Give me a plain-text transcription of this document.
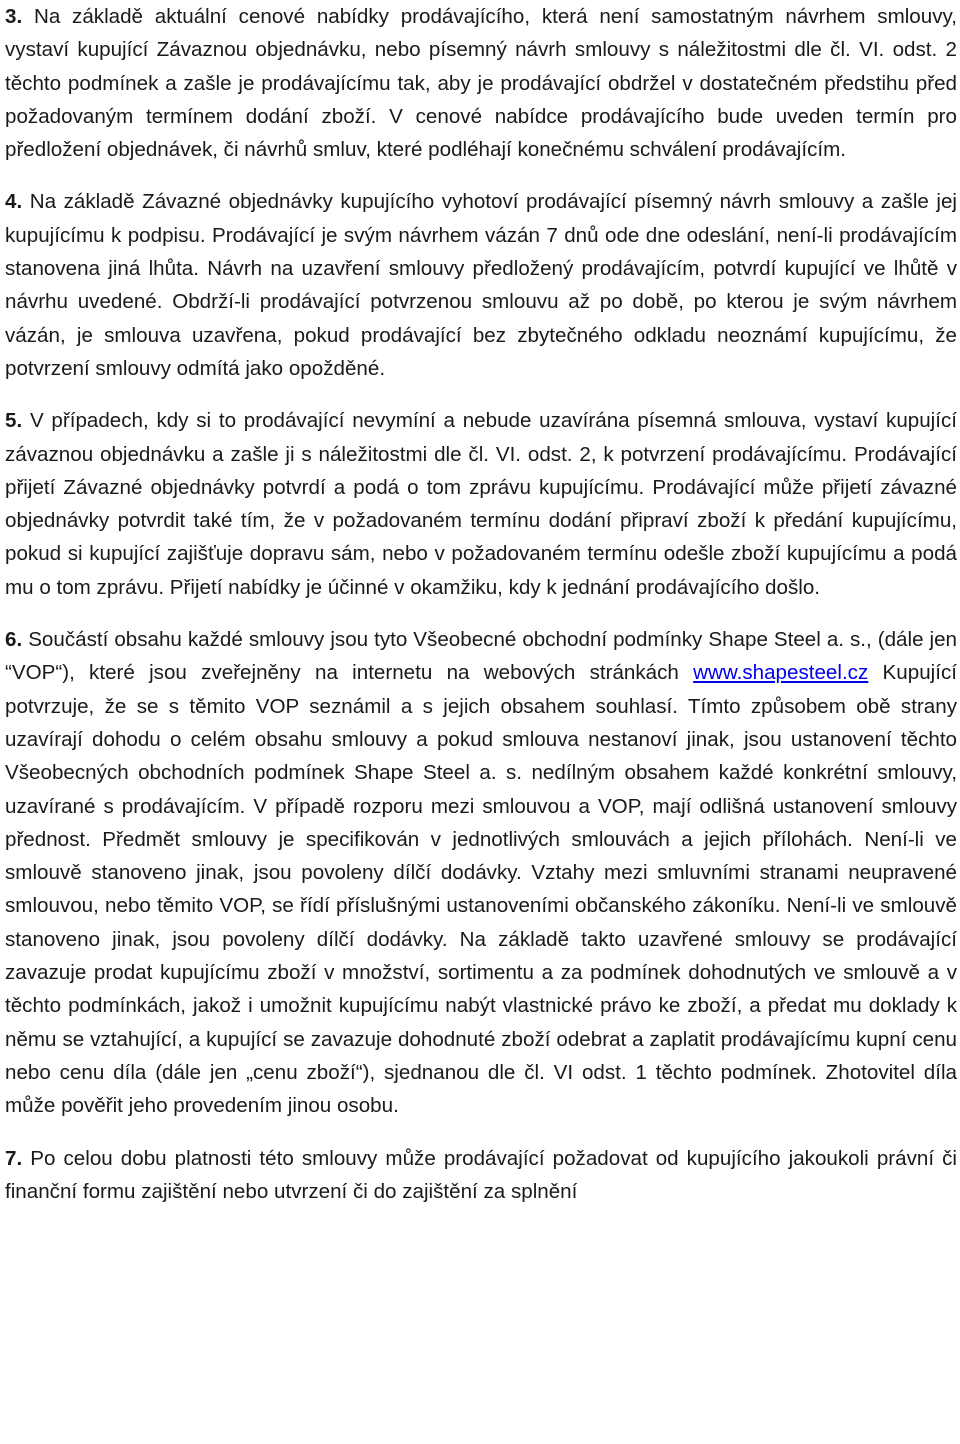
3. Na základě aktuální cenové nabídky prodávajícího, která není samostatným návrhem smlouvy, vystaví kupující Závaznou objednávku, nebo písemný návrh smlouvy s náležitostmi dle čl. VI. odst. 2 těchto podmínek a zašle je prodávajícímu tak, aby je prodávající obdržel v dostatečném předstihu před požadovaným termínem dodání zboží. V cenové nabídce prodávajícího bude uveden termín pro předložení objednávek, či návrhů smluv, které podléhají konečnému schválení prodávajícím.

4. Na základě Závazné objednávky kupujícího vyhotoví prodávající písemný návrh smlouvy a zašle jej kupujícímu k podpisu. Prodávající je svým návrhem vázán 7 dnů ode dne odeslání, není-li prodávajícím stanovena jiná lhůta. Návrh na uzavření smlouvy předložený prodávajícím, potvrdí kupující ve lhůtě v návrhu uvedené. Obdrží-li prodávající potvrzenou smlouvu až po době, po kterou je svým návrhem vázán, je smlouva uzavřena, pokud prodávající bez zbytečného odkladu neoznámí kupujícímu, že potvrzení smlouvy odmítá jako opožděné.

5. V případech, kdy si to prodávající nevymíní a nebude uzavírána písemná smlouva, vystaví kupující závaznou objednávku a zašle ji s náležitostmi dle čl. VI. odst. 2, k potvrzení prodávajícímu. Prodávající přijetí Závazné objednávky potvrdí a podá o tom zprávu kupujícímu. Prodávající může přijetí závazné objednávky potvrdit také tím, že v požadovaném termínu dodání připraví zboží k předání kupujícímu, pokud si kupující zajišťuje dopravu sám, nebo v požadovaném termínu odešle zboží kupujícímu a podá mu o tom zprávu. Přijetí nabídky je účinné v okamžiku, kdy k jednání prodávajícího došlo.

6. Součástí obsahu každé smlouvy jsou tyto Všeobecné obchodní podmínky Shape Steel a. s., (dále jen “VOP“), které jsou zveřejněny na internetu na webových stránkách www.shapesteel.cz Kupující potvrzuje, že se s těmito VOP seznámil a s jejich obsahem souhlasí. Tímto způsobem obě strany uzavírají dohodu o celém obsahu smlouvy a pokud smlouva nestanoví jinak, jsou ustanovení těchto Všeobecných obchodních podmínek Shape Steel a. s. nedílným obsahem každé konkrétní smlouvy, uzavírané s prodávajícím. V případě rozporu mezi smlouvou a VOP, mají odlišná ustanovení smlouvy přednost. Předmět smlouvy je specifikován v jednotlivých smlouvách a jejich přílohách. Není-li ve smlouvě stanoveno jinak, jsou povoleny dílčí dodávky. Vztahy mezi smluvními stranami neupravené smlouvou, nebo těmito VOP, se řídí příslušnými ustanoveními občanského zákoníku. Není-li ve smlouvě stanoveno jinak, jsou povoleny dílčí dodávky. Na základě takto uzavřené smlouvy se prodávající zavazuje prodat kupujícímu zboží v množství, sortimentu a za podmínek dohodnutých ve smlouvě a v těchto podmínkách, jakož i umožnit kupujícímu nabýt vlastnické právo ke zboží, a předat mu doklady k němu se vztahující, a kupující se zavazuje dohodnuté zboží odebrat a zaplatit prodávajícímu kupní cenu nebo cenu díla (dále jen „cenu zboží“), sjednanou dle čl. VI odst. 1 těchto podmínek. Zhotovitel díla může pověřit jeho provedením jinou osobu.

7. Po celou dobu platnosti této smlouvy může prodávající požadovat od kupujícího jakoukoli právní či finanční formu zajištění nebo utvrzení či do zajištění za splnění
